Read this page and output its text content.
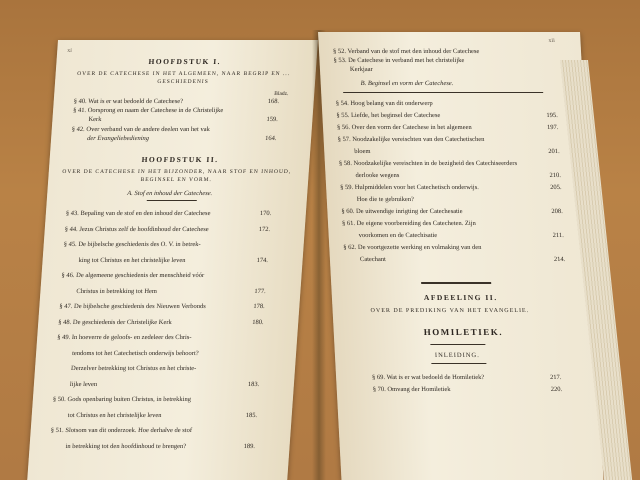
xi
HOOFDSTUK I.
OVER DE CATECHESE IN HET ALGEMEEN, NAAR BEGRIP EN ... GESCHIEDENIS
Bladz.
§ 40. Wat is er wat bedoeld de Catechese?	168.
§ 41. Oorsprong en naam der Catechese in de Christelijke
Kerk	159.
§ 42. Over verband van de andere deelen van het vak
der Evangeliebediening	164.
HOOFDSTUK II.
OVER DE CATECHESE IN HET BIJZONDER, NAAR STOF EN INHOUD, BEGINSEL EN VORM.
A. Stof en inhoud der Catechese.
§ 43. Bepaling van de stof en den inhoud der Catechese	170.
§ 44. Jezus Christus zelf de hoofdinhoud der Catechese	172.
§ 45. De bijbelsche geschiedenis des O. V. in betrek-
king tot Christus en het christelijke leven	174.
§ 46. De algemeene geschiedenis der menschheid vóór
Christus in betrekking tot Hem	177.
§ 47. De bijbelsche geschiedenis des Nieuwen Verbonds	178.
§ 48. De geschiedenis der Christelijke Kerk	180.
§ 49. In hoeverre de geloofs- en zedeleer des Chris-
tendoms tot het Catechetisch onderwijs behoort?
Derzelver betrekking tot Christus en het christe-
lijke leven	183.
§ 50. Gods openbaring buiten Christus, in betrekking
tot Christus en het christelijke leven	185.
§ 51. Slotsom van dit onderzoek. Hoe derhalve de stof
in betrekking tot den hoofdinhoud te brengen?	189.
xii
§ 52. Verband van de stof met den inhoud der Catechese
§ 53. De Catechese in verband met het christelijke
Kerkjaar
B. Beginsel en vorm der Catechese.
§ 54. Hoog belang van dit onderwerp
§ 55. Liefde, het beginsel der Catechese	195.
§ 56. Over den vorm der Catechese in het algemeen	197.
§ 57. Noodzakelijke vereischten van den Catechetischen
bloem	201.
§ 58. Noodzakelijke vereischten in de bezigheid des Catechiseerders
derlooke wegens	210.
§ 59. Hulpmiddelen voor het Catechetisch onderwijs.	205.
Hoe die te gebruiken?
§ 60. De uitwendige inrigting der Catechesatie	208.
§ 61. De eigene voorbereiding des Catecheten. Zijn
voorkomen en de Catechisatie	211.
§ 62. De voortgezette werking en volmaking van den
Catechant	214.
AFDEELING II.
OVER DE PREDIKING VAN HET EVANGELIE.
HOMILETIEK.
INLEIDING.
§ 69. Wat is er wat bedoeld de Homiletiek?	217.
§ 70. Omvang der Homiletiek	220.
